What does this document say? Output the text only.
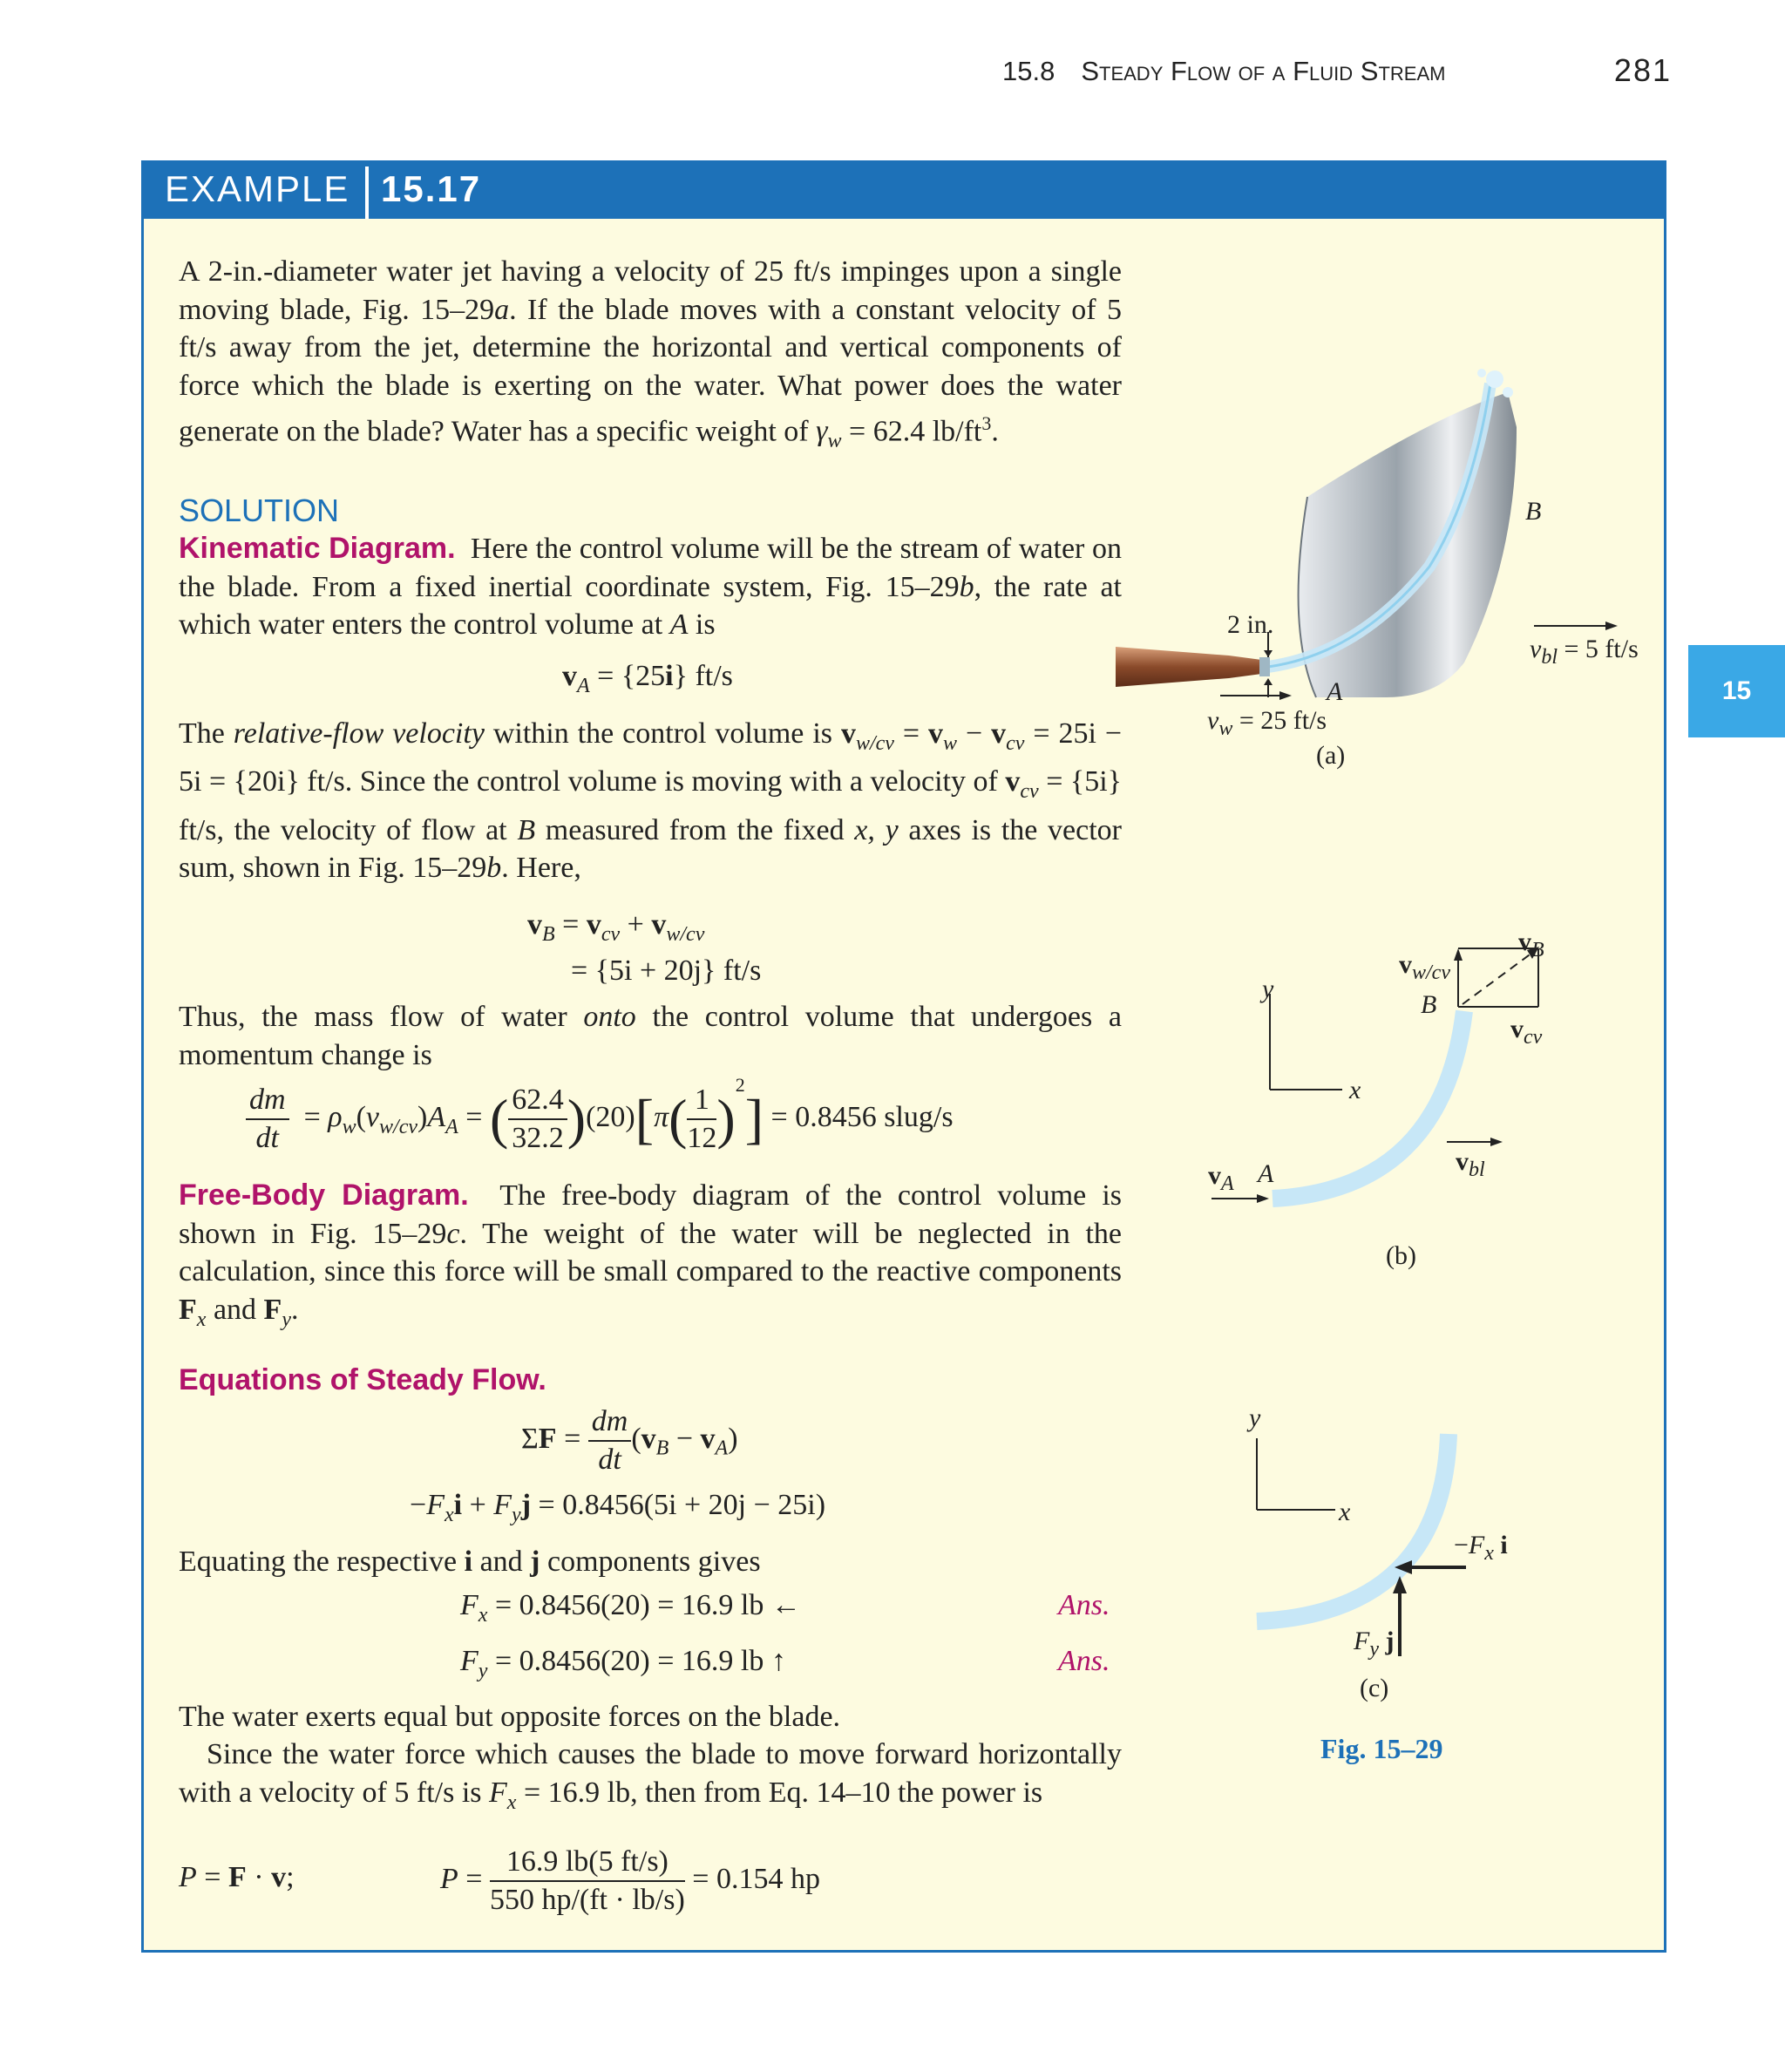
15.8 Steady Flow of a Fluid Stream	281
15
EXAMPLE 15.17
A 2-in.-diameter water jet having a velocity of 25 ft/s impinges upon a single moving blade, Fig. 15–29a. If the blade moves with a constant velocity of 5 ft/s away from the jet, determine the horizontal and vertical components of force which the blade is exerting on the water. What power does the water generate on the blade? Water has a specific weight of $\gamma_w = 62.4$ $lb/ft^3$.
SOLUTION
Kinematic Diagram. Here the control volume will be the stream of water on the blade. From a fixed inertial coordinate system, Fig. 15–29b, the rate at which water enters the control volume at A is
$v_A = \{25i\}$ ft/s
The relative-flow velocity within the control volume is $v_{w/cv} = v_w - v_{cv} = 25i - 5i = \{20i\}$ ft/s. Since the control volume is moving with a velocity of $v_{cv} = \{5i\}$ ft/s, the velocity of flow at B measured from the fixed x, y axes is the vector sum, shown in Fig. 15–29b. Here,
$v_B = v_{cv} + v_{w/cv}$
= {5i + 20j} ft/s
Thus, the mass flow of water onto the control volume that undergoes a momentum change is
$\frac{dm}{dt} = \rho_w(v_{w/cv})A_A$ = ( $\frac{62.4}{32.2} )(20)[\pi( \frac{1}{12} )^2] = 0.8456$ slug/s
Free-Body Diagram. The free-body diagram of the control volume is shown in Fig. 15–29c. The weight of the water will be neglected in the calculation, since this force will be small compared to the reactive components $F_x$ and $F_y$.
Equations of Steady Flow.
$\Sigma F = \frac{dm}{dt} (v_B - v_A)$
$-F_xi + F_yj = 0.8456(5i + 20j - 25i)$
Equating the respective i and j components gives
$F_x = 0.8456(20) = 16.9$ lb ←	Ans.
$F_y = 0.8456(20) = 16.9$ lb ↑	Ans.
The water exerts equal but opposite forces on the blade.
Since the water force which causes the blade to move forward horizontally with a velocity of 5 ft/s is $F_x = 16.9$ lb, then from Eq. 14–10 the power is
P = F · v;	$P = \frac{16.9 lb(5 ft/s)}{550 hp/(ft \cdot lb/s)} = 0.154$ hp
2 in.
A
B
$v_w = 25$ ft/s
$v_{bl} = 5$ ft/s
(a)
y
x
$v_A$ A
B
$v_{w/cv}$
$v_B$
$v_{cv}$
$v_{bl}$
(b)
y
x
$-F_x$ i
$F_y$ j
(c)
Fig. 15–29
